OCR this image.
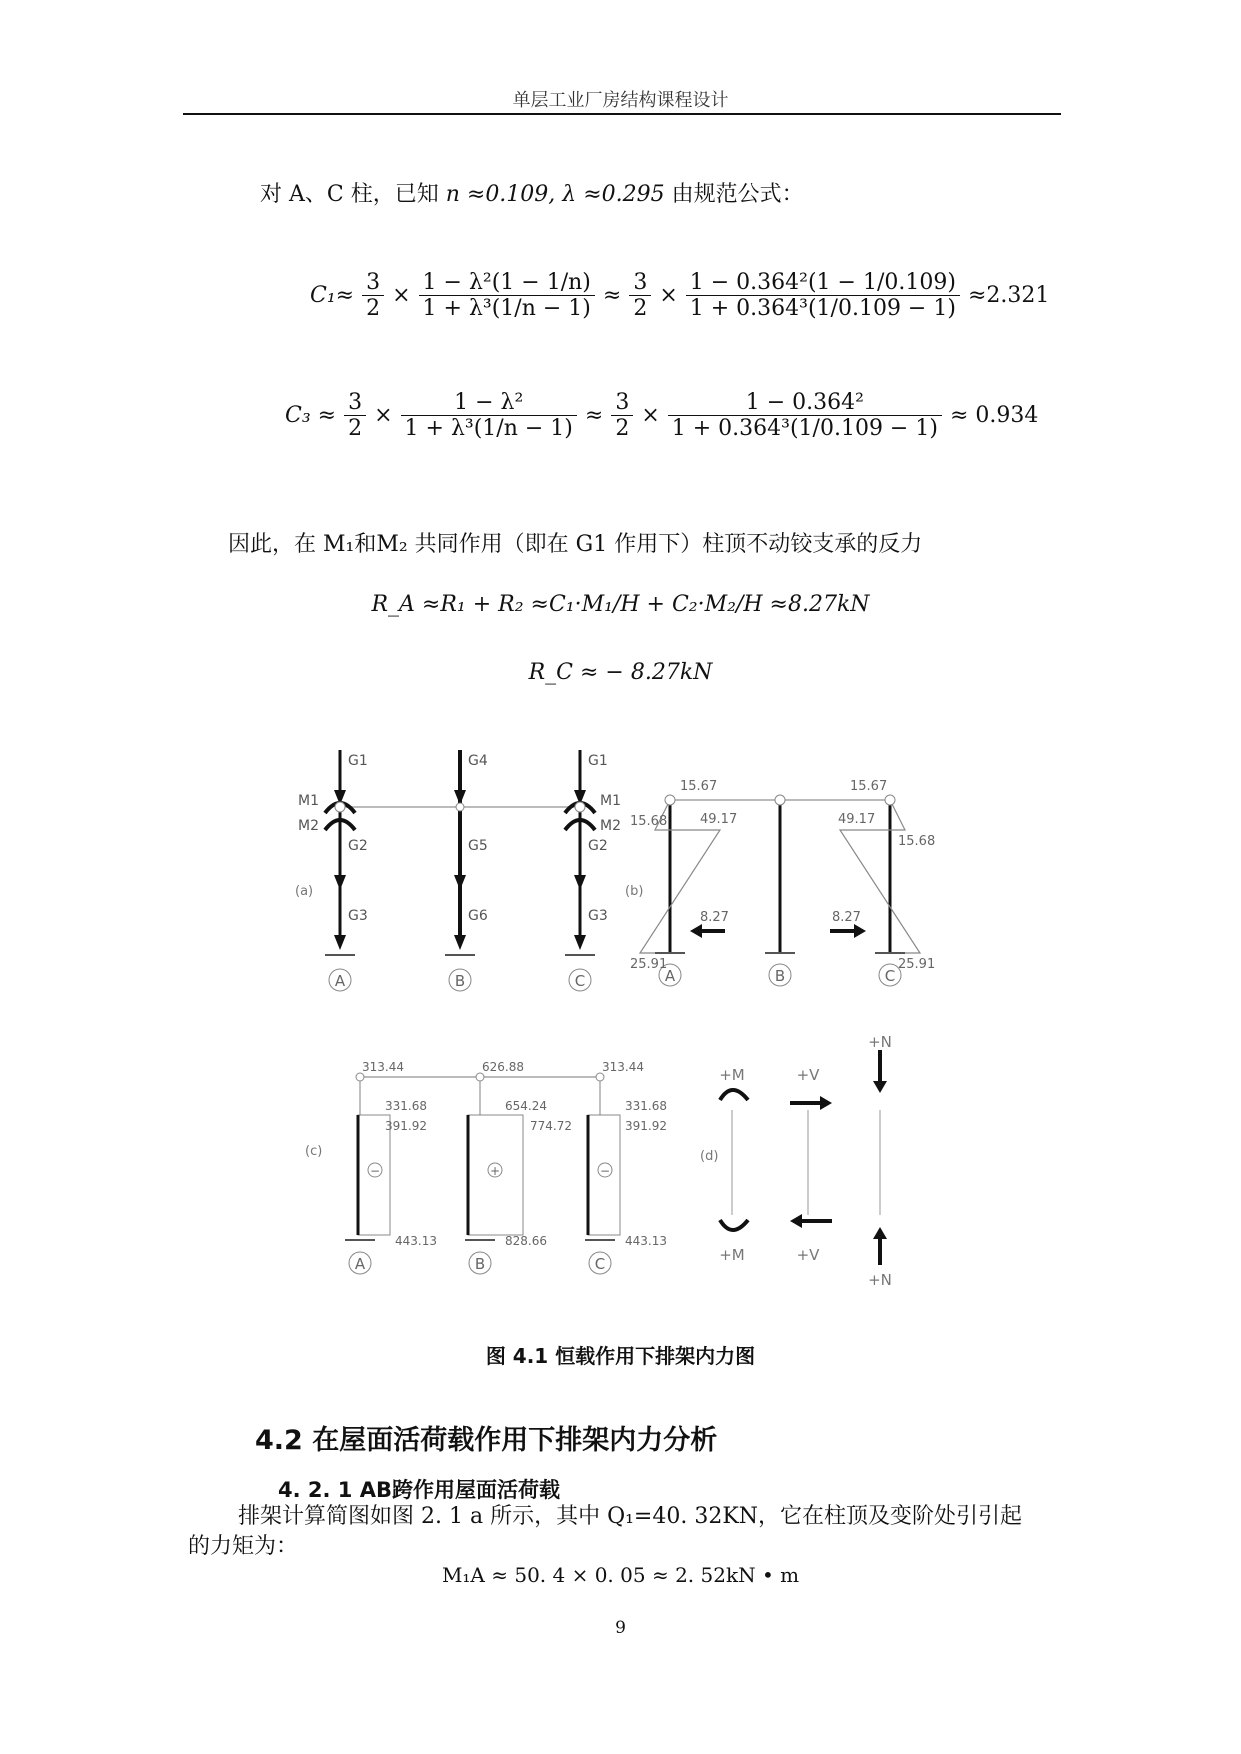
单层工业厂房结构课程设计
对 A、C 柱，已知 n ≈0.109, λ ≈0.295 由规范公式：
$C_1\approx \frac{3}{2} \times \frac{\text{1 − λ²(1 − 1/n)}}{\text{1 + λ³(1/n − 1)}} \approx \frac{3}{2} \times \frac{\text{1 − 0.364²(1 − 1/0.109)}}{\text{1 + 0.364³(1/0.109 − 1)}} \approx 2.321$
$C_3 \approx \frac{3}{2} \times \frac{\text{1 − λ²}}{\text{1 + λ³(1/n − 1)}} \approx \frac{3}{2} \times \frac{\text{1 − 0.364²}}{\text{1 + 0.364³(1/0.109 − 1)}} \approx 0.934$
因此，在 M₁和M₂ 共同作用（即在 G1 作用下）柱顶不动铰支承的反力
R_A ≈R₁ + R₂ ≈C₁·M₁/H + C₂·M₂/H ≈8.27kN
R_C ≈ − 8.27kN
A	B	C
G1	G4	G1
G2	G5	G2
G3	G6	G3
M1
M2
M1
M2
(a)
A	B	C
15.67	15.67
15.68	49.17	49.17
15.68
8.27	8.27
25.91	25.91
(b)
−	+	−
A	B	C
313.44	626.88	313.44
331.68
391.92
654.24
774.72
331.68
391.92
443.13	828.66	443.13
(c)
+M	+V
+N
+M	+V
+N
(d)
图 4.1 恒载作用下排架内力图
4.2 在屋面活荷载作用下排架内力分析
4. 2. 1 AB跨作用屋面活荷载
排架计算简图如图 2. 1 a 所示，其中 Q₁=40. 32KN，它在柱顶及变阶处引引起
的力矩为：
M₁A ≈ 50. 4 × 0. 05 ≈ 2. 52kN • m
9
